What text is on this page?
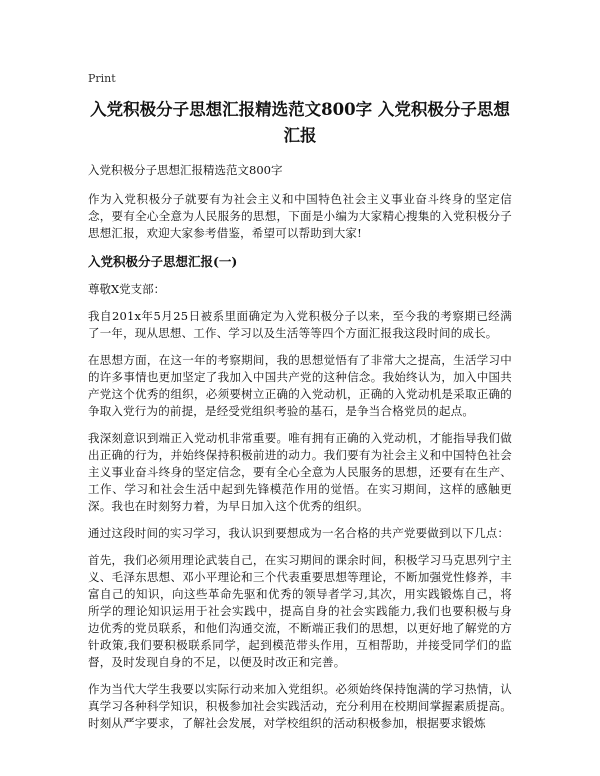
Print
入党积极分子思想汇报精选范文800字 入党积极分子思想汇报
入党积极分子思想汇报精选范文800字

作为入党积极分子就要有为社会主义和中国特色社会主义事业奋斗终身的坚定信念，要有全心全意为人民服务的思想，下面是小编为大家精心搜集的入党积极分子思想汇报，欢迎大家参考借鉴，希望可以帮助到大家!

入党积极分子思想汇报(一)
尊敬X党支部：

我自201x年5月25日被系里面确定为入党积极分子以来，至今我的考察期已经满了一年，现从思想、工作、学习以及生活等等四个方面汇报我这段时间的成长。

在思想方面，在这一年的考察期间，我的思想觉悟有了非常大之提高，生活学习中的许多事情也更加坚定了我加入中国共产党的这种信念。我始终认为，加入中国共产党这个优秀的组织，必须要树立正确的入党动机，正确的入党动机是采取正确的争取入党行为的前提，是经受党组织考验的基石，是争当合格党员的起点。

我深刻意识到端正入党动机非常重要。唯有拥有正确的入党动机，才能指导我们做出正确的行为，并始终保持积极前进的动力。我们要有为社会主义和中国特色社会主义事业奋斗终身的坚定信念，要有全心全意为人民服务的思想，还要有在生产、工作、学习和社会生活中起到先锋模范作用的觉悟。在实习期间，这样的感触更深。我也在时刻努力着，为早日加入这个优秀的组织。

通过这段时间的实习学习，我认识到要想成为一名合格的共产党要做到以下几点：

首先，我们必须用理论武装自己，在实习期间的课余时间，积极学习马克思列宁主义、毛泽东思想、邓小平理论和三个代表重要思想等理论，不断加强党性修养，丰富自己的知识，向这些革命先驱和优秀的领导者学习,其次，用实践锻炼自己，将所学的理论知识运用于社会实践中，提高自身的社会实践能力,我们也要积极与身边优秀的党员联系，和他们沟通交流，不断端正我们的思想，以更好地了解党的方针政策,我们要积极联系同学，起到模范带头作用，互相帮助，并接受同学们的监督，及时发现自身的不足，以便及时改正和完善。

作为当代大学生我要以实际行动来加入党组织。必须始终保持饱满的学习热情，认真学习各种科学知识，积极参加社会实践活动，充分利用在校期间掌握素质提高。时刻从严字要求，了解社会发展，对学校组织的活动积极参加，根据要求锻炼
